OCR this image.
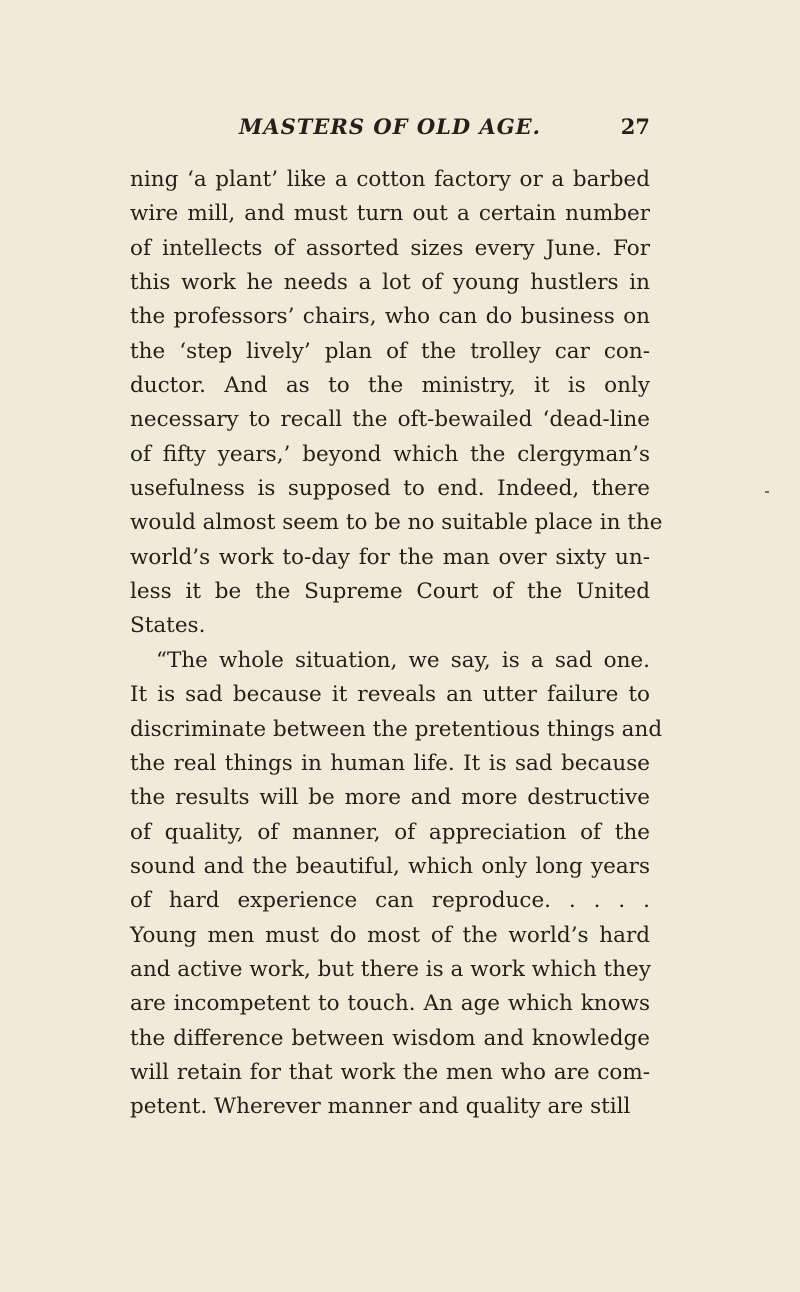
MASTERS OF OLD AGE.	27
ning ‘a plant’ like a cotton factory or a barbed
wire mill, and must turn out a certain number
of intellects of assorted sizes every June. For
this work he needs a lot of young hustlers in
the professors’ chairs, who can do business on
the ‘step lively’ plan of the trolley car con-
ductor. And as to the ministry, it is only
necessary to recall the oft-bewailed ‘dead-line
of fifty years,’ beyond which the clergyman’s
usefulness is supposed to end. Indeed, there
would almost seem to be no suitable place in the
world’s work to-day for the man over sixty un-
less it be the Supreme Court of the United
States.
“The whole situation, we say, is a sad one.
It is sad because it reveals an utter failure to
discriminate between the pretentious things and
the real things in human life. It is sad because
the results will be more and more destructive
of quality, of manner, of appreciation of the
sound and the beautiful, which only long years
of hard experience can reproduce. . . . .
Young men must do most of the world’s hard
and active work, but there is a work which they
are incompetent to touch. An age which knows
the difference between wisdom and knowledge
will retain for that work the men who are com-
petent. Wherever manner and quality are still
